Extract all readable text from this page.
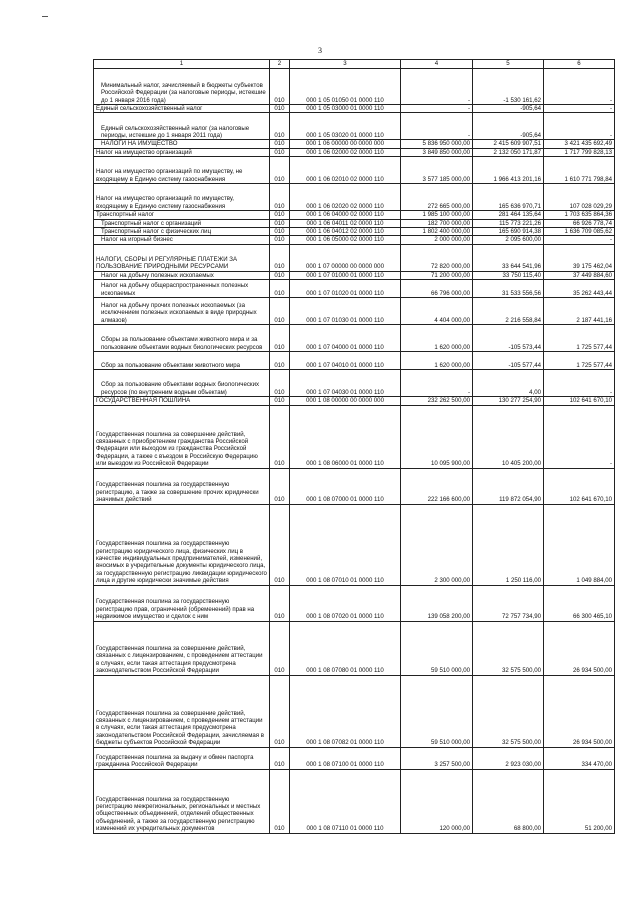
3
1	2	3	4	5	6
Минимальный налог, зачисляемый в бюджеты субъектов Российской Федерации (за налоговые периоды, истекшие до 1 января 2016 года)	010	000 1 05 01050 01 0000 110	-	-1 530 161,62	-
Единый сельскохозяйственный налог	010	000 1 05 03000 01 0000 110	-	-905,64	-
Единый сельскохозяйственный налог (за налоговые периоды, истекшие до 1 января 2011 года)	010	000 1 05 03020 01 0000 110	-	-905,64	-
НАЛОГИ НА ИМУЩЕСТВО	010	000 1 06 00000 00 0000 000	5 836 950 000,00	2 415 609 907,51	3 421 435 692,49
Налог на имущество организаций	010	000 1 06 02000 02 0000 110	3 849 850 000,00	2 132 050 171,87	1 717 799 828,13
Налог на имущество организаций по имуществу, не входящему в Единую систему газоснабжения	010	000 1 06 02010 02 0000 110	3 577 185 000,00	1 966 413 201,16	1 610 771 798,84
Налог на имущество организаций по имуществу, входящему в Единую систему газоснабжения	010	000 1 06 02020 02 0000 110	272 665 000,00	165 636 970,71	107 028 029,29
Транспортный налог	010	000 1 06 04000 02 0000 110	1 985 100 000,00	281 464 135,64	1 703 635 864,36
Транспортный налог с организаций	010	000 1 06 04011 02 0000 110	182 700 000,00	115 773 221,26	66 926 778,74
Транспортный налог с физических лиц	010	000 1 06 04012 02 0000 110	1 802 400 000,00	165 690 914,38	1 636 709 085,62
Налог на игорный бизнес	010	000 1 06 05000 02 0000 110	2 000 000,00	2 095 600,00	-
НАЛОГИ, СБОРЫ И РЕГУЛЯРНЫЕ ПЛАТЕЖИ ЗА ПОЛЬЗОВАНИЕ ПРИРОДНЫМИ РЕСУРСАМИ	010	000 1 07 00000 00 0000 000	72 820 000,00	33 644 541,96	39 175 462,04
Налог на добычу полезных ископаемых	010	000 1 07 01000 01 0000 110	71 200 000,00	33 750 115,40	37 449 884,60
Налог на добычу общераспространенных полезных ископаемых	010	000 1 07 01020 01 0000 110	66 796 000,00	31 533 556,56	35 262 443,44
Налог на добычу прочих полезных ископаемых (за исключением полезных ископаемых в виде природных алмазов)	010	000 1 07 01030 01 0000 110	4 404 000,00	2 216 558,84	2 187 441,16
Сборы за пользование объектами животного мира и за пользование объектами водных биологических ресурсов	010	000 1 07 04000 01 0000 110	1 620 000,00	-105 573,44	1 725 577,44
Сбор за пользование объектами животного мира	010	000 1 07 04010 01 0000 110	1 620 000,00	-105 577,44	1 725 577,44
Сбор за пользование объектами водных биологических ресурсов (по внутренним водным объектам)	010	000 1 07 04030 01 0000 110	-	4,00	-
ГОСУДАРСТВЕННАЯ ПОШЛИНА	010	000 1 08 00000 00 0000 000	232 262 500,00	130 277 254,90	102 641 670,10
Государственная пошлина за совершение действий, связанных с приобретением гражданства Российской Федерации или выходом из гражданства Российской Федерации, а также с въездом в Российскую Федерацию или выездом из Российской Федерации	010	000 1 08 06000 01 0000 110	10 095 900,00	10 405 200,00	-
Государственная пошлина за государственную регистрацию, а также за совершение прочих юридически значимых действий	010	000 1 08 07000 01 0000 110	222 166 600,00	119 872 054,90	102 641 670,10
Государственная пошлина за государственную регистрацию юридического лица, физических лиц в качестве индивидуальных предпринимателей, изменений, вносимых в учредительные документы юридического лица, за государственную регистрацию ликвидации юридического лица и другие юридически значимые действия	010	000 1 08 07010 01 0000 110	2 300 000,00	1 250 116,00	1 049 884,00
Государственная пошлина за государственную регистрацию прав, ограничений (обременений) прав на недвижимое имущество и сделок с ним	010	000 1 08 07020 01 0000 110	139 058 200,00	72 757 734,90	66 300 465,10
Государственная пошлина за совершение действий, связанных с лицензированием, с проведением аттестации в случаях, если такая аттестация предусмотрена законодательством Российской Федерации	010	000 1 08 07080 01 0000 110	59 510 000,00	32 575 500,00	26 934 500,00
Государственная пошлина за совершение действий, связанных с лицензированием, с проведением аттестации в случаях, если такая аттестация предусмотрена законодательством Российской Федерации, зачисляемая в бюджеты субъектов Российской Федерации	010	000 1 08 07082 01 0000 110	59 510 000,00	32 575 500,00	26 934 500,00
Государственная пошлина за выдачу и обмен паспорта гражданина Российской Федерации	010	000 1 08 07100 01 0000 110	3 257 500,00	2 923 030,00	334 470,00
Государственная пошлина за государственную регистрацию межрегиональных, региональных и местных общественных объединений, отделений общественных объединений, а также за государственную регистрацию изменений их учредительных документов	010	000 1 08 07110 01 0000 110	120 000,00	68 800,00	51 200,00
